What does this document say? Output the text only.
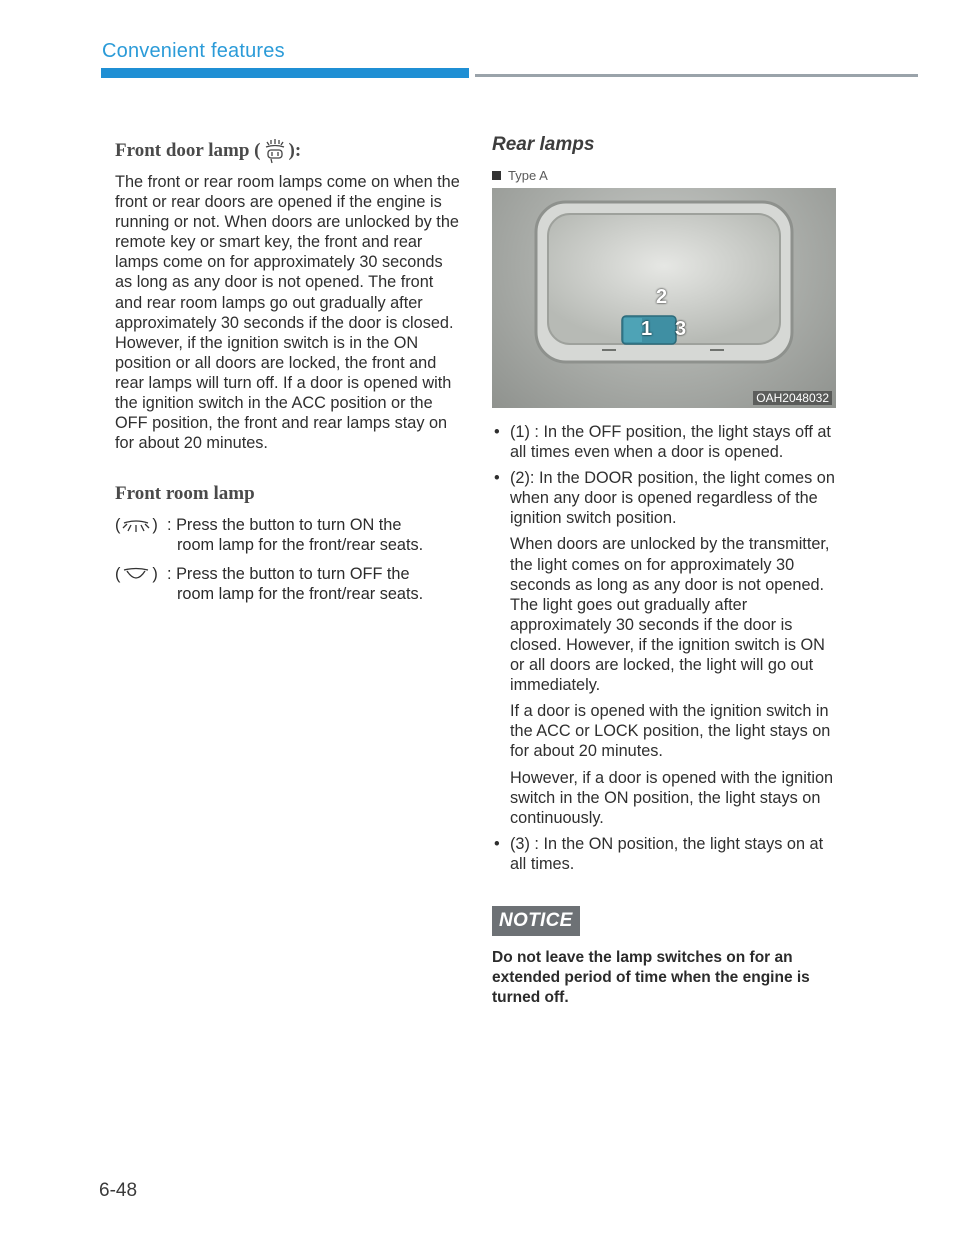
Convenient features
Front door lamp ( ):

The front or rear room lamps come on when the front or rear doors are opened if the engine is running or not. When doors are unlocked by the remote key or smart key, the front and rear lamps come on for approximately 30 seconds as long as any door is not opened. The front and rear room lamps go out gradually after approximately 30 seconds if the door is closed. However, if the ignition switch is in the ON position or all doors are locked, the front and rear lamps will turn off. If a door is opened with the ignition switch in the ACC position or the OFF position, the front and rear lamps stay on for about 20 minutes.

Front room lamp
( ) : Press the button to turn ON the
room lamp for the front/rear seats.
( ) : Press the button to turn OFF the
room lamp for the front/rear seats.
Rear lamps
Type A
2
1 3
OAH2048032
• (1) : In the OFF position, the light stays off at all times even when a door is opened.
• (2): In the DOOR position, the light comes on when any door is opened regardless of the ignition switch position.

When doors are unlocked by the transmitter, the light comes on for approximately 30 seconds as long as any door is not opened. The light goes out gradually after approximately 30 seconds if the door is closed. However, if the ignition switch is ON or all doors are locked, the light will go out immediately.

If a door is opened with the ignition switch in the ACC or LOCK position, the light stays on for about 20 minutes.

However, if a door is opened with the ignition switch in the ON position, the light stays on continuously.

• (3) : In the ON position, the light stays on at all times.
NOTICE
Do not leave the lamp switches on for an extended period of time when the engine is turned off.
6-48
